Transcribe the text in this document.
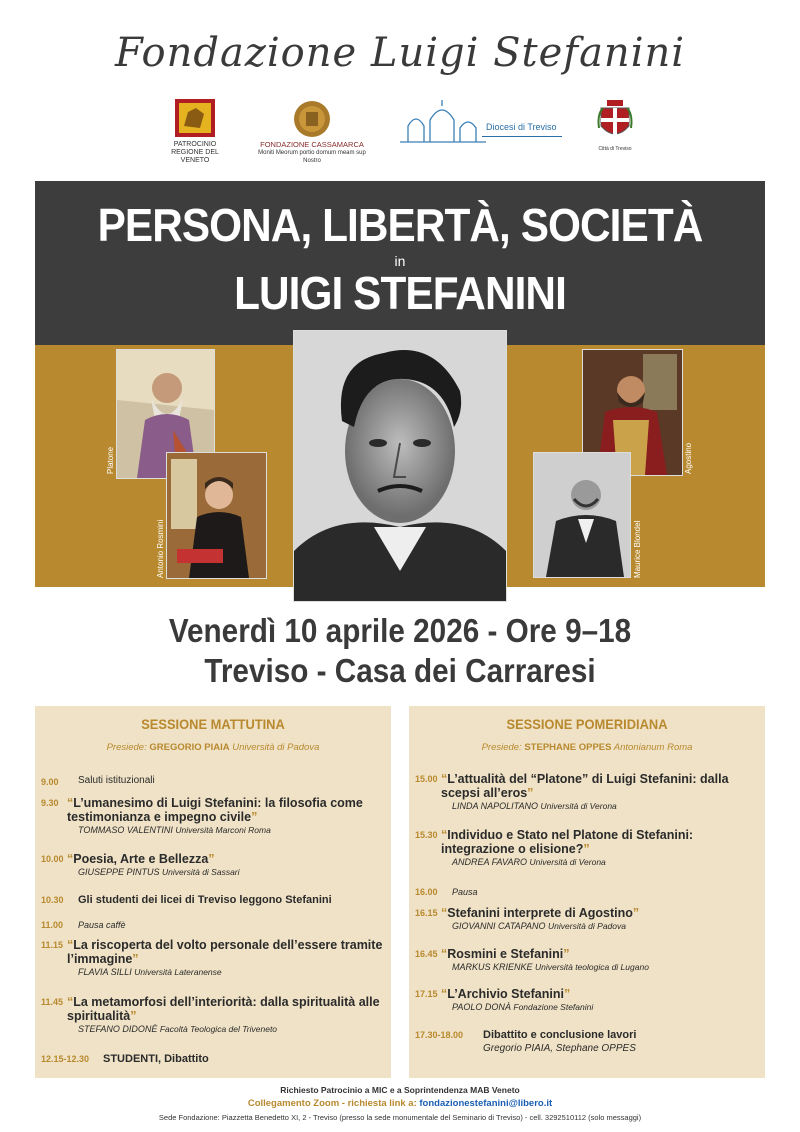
Fondazione Luigi Stefanini
PATROCINIO
REGIONE DEL VENETO
FONDAZIONE CASSAMARCA
Moniti Meorum portio domum meam sup Nostro
Diocesi di Treviso
Città di Treviso
PERSONA, LIBERTÀ, SOCIETÀ
in
LUIGI STEFANINI
Platone
Antonio Rosmini
Agostino
Maurice Blondel
Venerdì 10 aprile 2026 - Ore 9–18
Treviso - Casa dei Carraresi
SESSIONE MATTUTINA
Presiede: GREGORIO PIAIA Università di Padova
9.00 Saluti istituzionali
9.30 “L’umanesimo di Luigi Stefanini: la filosofia come testimonianza e impegno civile”
TOMMASO VALENTINI Università Marconi Roma
10.00 “Poesia, Arte e Bellezza”
GIUSEPPE PINTUS Università di Sassari
10.30 Gli studenti dei licei di Treviso leggono Stefanini
11.00 Pausa caffè
11.15 “La riscoperta del volto personale dell’essere tramite l’immagine”
FLAVIA SILLI Università Lateranense
11.45 “La metamorfosi dell’interiorità: dalla spiritualità alle spiritualità”
STEFANO DIDONÈ Facoltà Teologica del Triveneto
12.15-12.30 STUDENTI, Dibattito
SESSIONE POMERIDIANA
Presiede: STEPHANE OPPES Antonianum Roma
15.00 “L’attualità del “Platone” di Luigi Stefanini: dalla scepsi all’eros”
LINDA NAPOLITANO Università di Verona
15.30 “Individuo e Stato nel Platone di Stefanini: integrazione o elisione?”
ANDREA FAVARO Università di Verona
16.00 Pausa
16.15 “Stefanini interprete di Agostino”
GIOVANNI CATAPANO Università di Padova
16.45 “Rosmini e Stefanini”
MARKUS KRIENKE Università teologica di Lugano
17.15 “L’Archivio Stefanini”
PAOLO DONÀ Fondazione Stefanini
17.30-18.00 Dibattito e conclusione lavori
Gregorio PIAIA, Stephane OPPES
Richiesto Patrocinio a MIC e a Soprintendenza MAB Veneto
Collegamento Zoom - richiesta link a: fondazionestefanini@libero.it
Sede Fondazione: Piazzetta Benedetto XI, 2 - Treviso (presso la sede monumentale del Seminario di Treviso) - cell. 3292510112 (solo messaggi)
